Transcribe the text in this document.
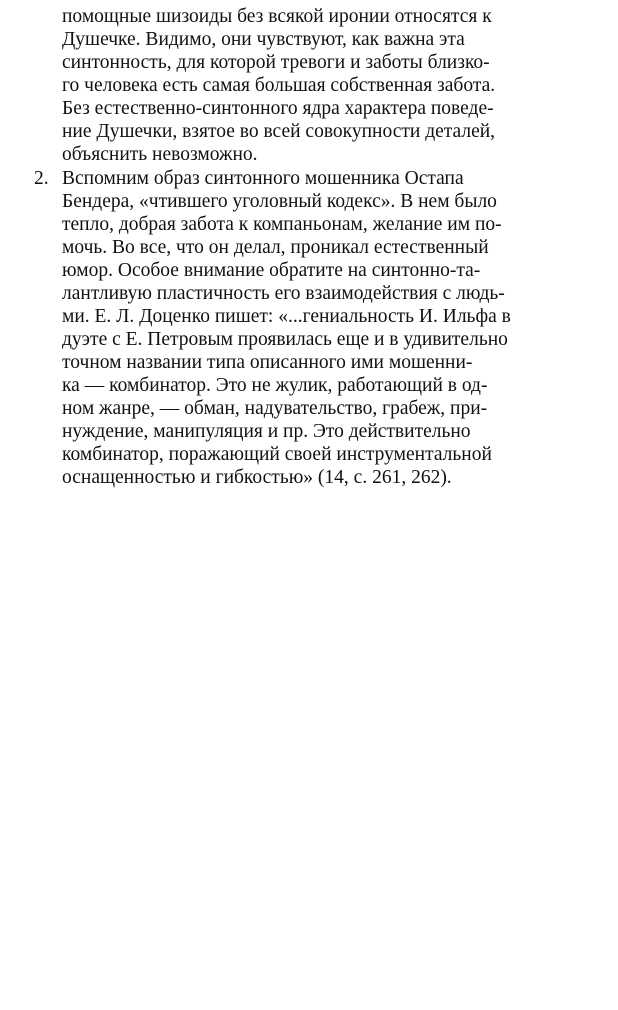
помощные шизоиды без всякой иронии относятся к
Душечке. Видимо, они чувствуют, как важна эта
синтонность, для которой тревоги и заботы близко-
го человека есть самая большая собственная забота.
Без естественно-синтонного ядра характера поведе-
ние Душечки, взятое во всей совокупности деталей,
объяснить невозможно.
2. Вспомним образ синтонного мошенника Остапа
Бендера, «чтившего уголовный кодекс». В нем было
тепло, добрая забота к компаньонам, желание им по-
мочь. Во все, что он делал, проникал естественный
юмор. Особое внимание обратите на синтонно-та-
лантливую пластичность его взаимодействия с людь-
ми. Е. Л. Доценко пишет: «...гениальность И. Ильфа в
дуэте с Е. Петровым проявилась еще и в удивительно
точном названии типа описанного ими мошенни-
ка — комбинатор. Это не жулик, работающий в од-
ном жанре, — обман, надувательство, грабеж, при-
нуждение, манипуляция и пр. Это действительно
комбинатор, поражающий своей инструментальной
оснащенностью и гибкостью» (14, с. 261, 262).
